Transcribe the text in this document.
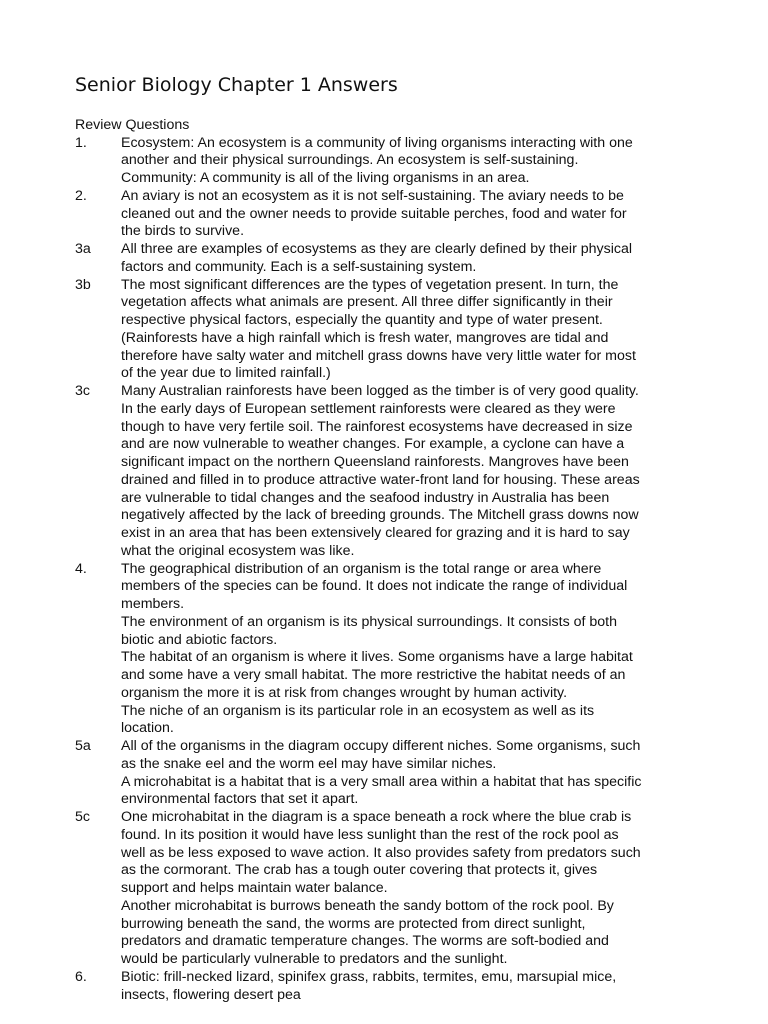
Senior Biology Chapter 1 Answers
Review Questions
1.	Ecosystem: An ecosystem is a community of living organisms interacting with one
another and their physical surroundings. An ecosystem is self-sustaining.
Community: A community is all of the living organisms in an area.
2.	An aviary is not an ecosystem as it is not self-sustaining. The aviary needs to be
cleaned out and the owner needs to provide suitable perches, food and water for
the birds to survive.
3a	All three are examples of ecosystems as they are clearly defined by their physical
factors and community. Each is a self-sustaining system.
3b	The most significant differences are the types of vegetation present. In turn, the
vegetation affects what animals are present. All three differ significantly in their
respective physical factors, especially the quantity and type of water present.
(Rainforests have a high rainfall which is fresh water, mangroves are tidal and
therefore have salty water and mitchell grass downs have very little water for most
of the year due to limited rainfall.)
3c	Many Australian rainforests have been logged as the timber is of very good quality.
In the early days of European settlement rainforests were cleared as they were
though to have very fertile soil. The rainforest ecosystems have decreased in size
and are now vulnerable to weather changes. For example, a cyclone can have a
significant impact on the northern Queensland rainforests. Mangroves have been
drained and filled in to produce attractive water-front land for housing. These areas
are vulnerable to tidal changes and the seafood industry in Australia has been
negatively affected by the lack of breeding grounds. The Mitchell grass downs now
exist in an area that has been extensively cleared for grazing and it is hard to say
what the original ecosystem was like.
4.	The geographical distribution of an organism is the total range or area where
members of the species can be found. It does not indicate the range of individual
members.
The environment of an organism is its physical surroundings. It consists of both
biotic and abiotic factors.
The habitat of an organism is where it lives. Some organisms have a large habitat
and some have a very small habitat. The more restrictive the habitat needs of an
organism the more it is at risk from changes wrought by human activity.
The niche of an organism is its particular role in an ecosystem as well as its
location.
5a	All of the organisms in the diagram occupy different niches. Some organisms, such
as the snake eel and the worm eel may have similar niches.
A microhabitat is a habitat that is a very small area within a habitat that has specific
environmental factors that set it apart.
5c	One microhabitat in the diagram is a space beneath a rock where the blue crab is
found. In its position it would have less sunlight than the rest of the rock pool as
well as be less exposed to wave action. It also provides safety from predators such
as the cormorant. The crab has a tough outer covering that protects it, gives
support and helps maintain water balance.
Another microhabitat is burrows beneath the sandy bottom of the rock pool. By
burrowing beneath the sand, the worms are protected from direct sunlight,
predators and dramatic temperature changes. The worms are soft-bodied and
would be particularly vulnerable to predators and the sunlight.
6.	Biotic: frill-necked lizard, spinifex grass, rabbits, termites, emu, marsupial mice,
insects, flowering desert pea
